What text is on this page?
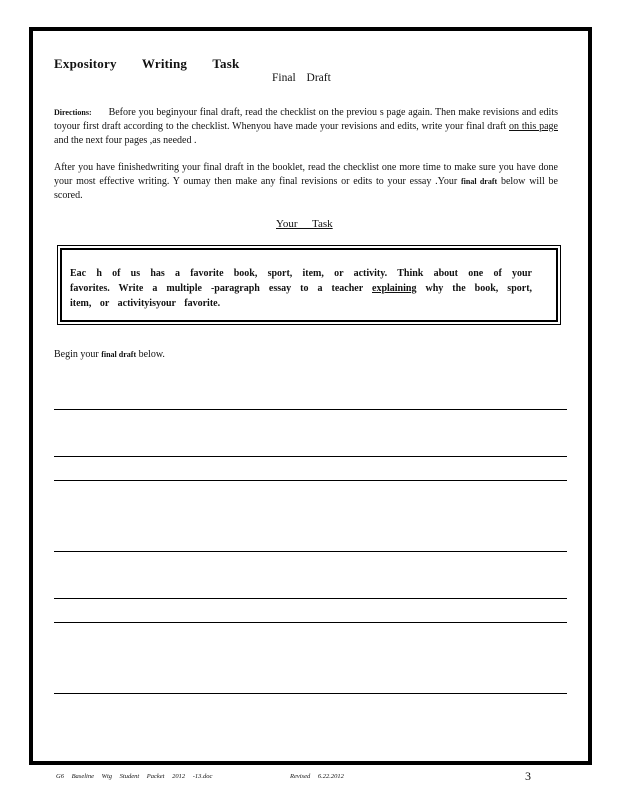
Expository Writing Task
Final Draft
Directions: Before you beginyour final draft, read the checklist on the previou s page again. Then make revisions and edits toyour first draft according to the checklist. Whenyou have made your revisions and edits, write your final draft on this page and the next four pages ,as needed .
After you have finishedwriting your final draft in the booklet, read the checklist one more time to make sure you have done your most effective writing. Y oumay then make any final revisions or edits to your essay .Your final draft below will be scored.
Your Task
Eac h of us has a favorite book, sport, item, or activity. Think about one of your favorites. Write a multiple -paragraph essay to a teacher explaining why the book, sport, item, or activityisyour favorite.
Begin your final draft below.
G6 Baseline Wtg Student Packet 2012 -13.doc	Revised 6.22.2012	3
